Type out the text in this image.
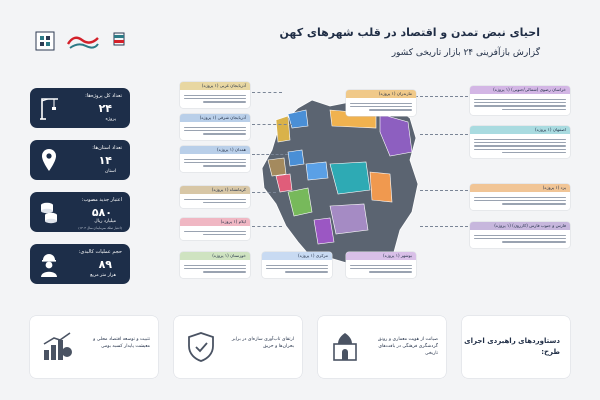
احیای نبض تمدن و اقتصاد در قلب شهرهای کهن
گزارش بازآفرینی ۲۴ بازار تاریخی کشور
تعداد کل پروژه‌ها:
۲۴
پروژه
تعداد استان‌ها:
۱۴
استان
اعتبار جدید مصوب:
۵۸۰
میلیارد ریال
(اعتبار تملک سرمایه‌ای سال ۱۴۰۴)
حجم عملیات کالبدی:
۸۹
هزار متر مربع
آذربایجان غربی (۱ پروژه)
آذربایجان شرقی (۱ پروژه)
همدان (۱ پروژه)
کرمانشاه (۱ پروژه)
ایلام (۱ پروژه)
خوزستان (۱ پروژه)	مرکزی (۱ پروژه)	بوشهر (۱ پروژه)
مازندران (۱ پروژه)
خراسان رضوی (شمالی/جنوبی) (۱ پروژه)
اصفهان (۱ پروژه)
یزد (۱ پروژه)
فارس و جنوب فارس (کازرون) (۱ پروژه)
تثبیت و توسعه اقتصاد محلی و معیشت پایدار کسبه بومی
ارتقای تاب‌آوری سازه‌ای در برابر بحران‌ها و حریق
صیانت از هویت معماری و رونق گردشگری فرهنگی در بافت‌های تاریخی
دستاوردهای راهبردی اجرای طرح:
